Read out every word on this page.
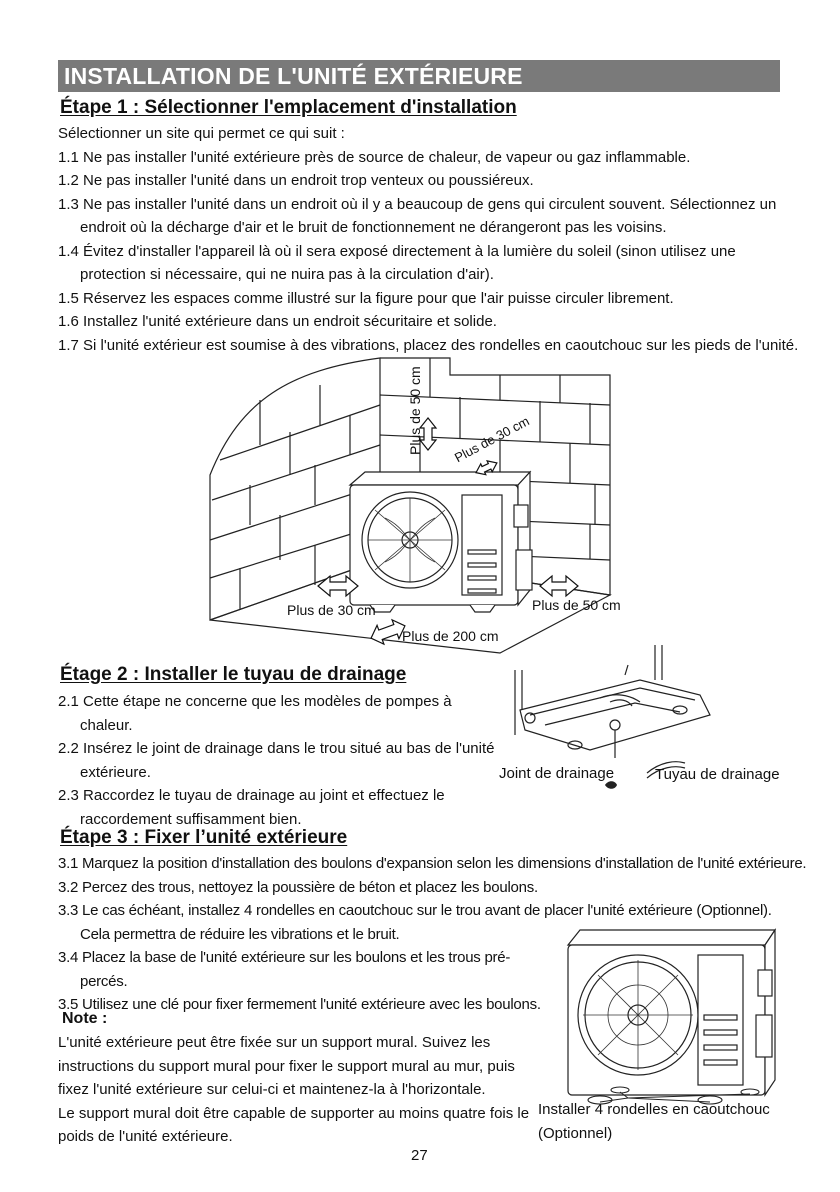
INSTALLATION DE L'UNITÉ EXTÉRIEURE
Étape 1 : Sélectionner l'emplacement d'installation
Sélectionner un site qui permet ce qui suit :
1.1 Ne pas installer l'unité extérieure près de source de chaleur, de vapeur ou gaz inflammable.
1.2 Ne pas installer l'unité dans un endroit trop venteux ou poussiéreux.
1.3 Ne pas installer l'unité dans un endroit où il y a beaucoup de gens qui circulent souvent. Sélectionnez un
endroit où la décharge d'air et le bruit de fonctionnement ne dérangeront pas les voisins.
1.4 Évitez d'installer l'appareil là où il sera exposé directement à la lumière du soleil (sinon utilisez une
protection si nécessaire, qui ne nuira pas à la circulation d'air).
1.5 Réservez les espaces comme illustré sur la figure pour que l'air puisse circuler librement.
1.6 Installez l'unité extérieure dans un endroit sécuritaire et solide.
1.7 Si l'unité extérieur est soumise à des vibrations, placez des rondelles en caoutchouc sur les pieds de l'unité.
Plus de 50 cm Plus de 30 cm
Plus de 30 cm	Plus de 50 cm
Plus de 200 cm
Étage 2 : Installer le tuyau de drainage
2.1 Cette étape ne concerne que les modèles de pompes à
chaleur.
2.2 Insérez le joint de drainage dans le trou situé au bas de l'unité
extérieure.
2.3 Raccordez le tuyau de drainage au joint et effectuez le
raccordement suffisamment bien.
Joint de drainage	Tuyau de drainage
Étape 3 : Fixer l’unité extérieure
3.1 Marquez la position d'installation des boulons d'expansion selon les dimensions d'installation de l'unité extérieure.
3.2 Percez des trous, nettoyez la poussière de béton et placez les boulons.
3.3 Le cas échéant, installez 4 rondelles en caoutchouc sur le trou avant de placer l'unité extérieure (Optionnel).
Cela permettra de réduire les vibrations et le bruit.
3.4 Placez la base de l'unité extérieure sur les boulons et les trous pré-
percés.
3.5 Utilisez une clé pour fixer fermement l'unité extérieure avec les boulons.
Note :
L'unité extérieure peut être fixée sur un support mural. Suivez les
instructions du support mural pour fixer le support mural au mur, puis
fixez l'unité extérieure sur celui-ci et maintenez-la à l'horizontale.
Le support mural doit être capable de supporter au moins quatre fois le
poids de l'unité extérieure.
Installer 4 rondelles en caoutchouc
(Optionnel)
27
